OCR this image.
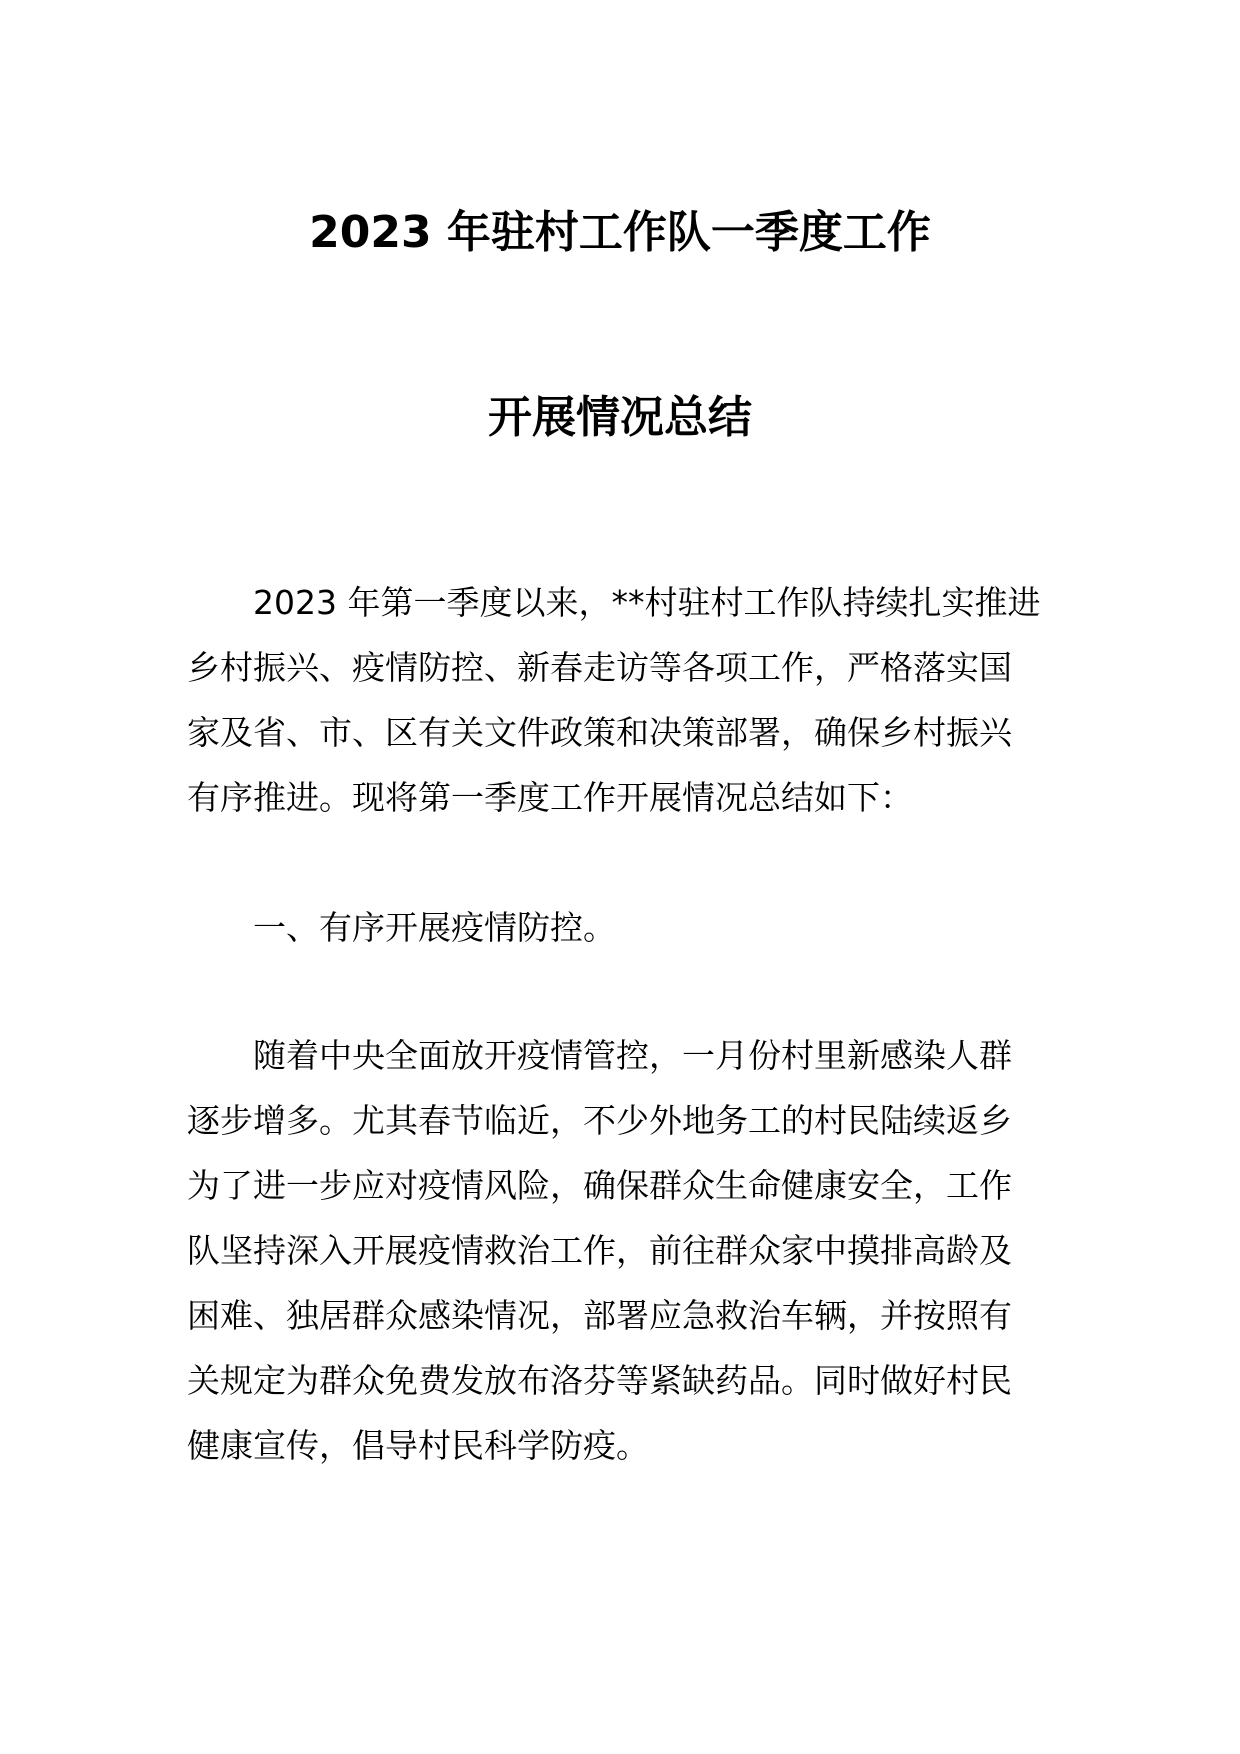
2023 年驻村工作队一季度工作
开展情况总结
2023 年第一季度以来，**村驻村工作队持续扎实推进
乡村振兴、疫情防控、新春走访等各项工作，严格落实国
家及省、市、区有关文件政策和决策部署，确保乡村振兴
有序推进。现将第一季度工作开展情况总结如下：
一、有序开展疫情防控。
随着中央全面放开疫情管控，一月份村里新感染人群
逐步增多。尤其春节临近，不少外地务工的村民陆续返乡
为了进一步应对疫情风险，确保群众生命健康安全，工作
队坚持深入开展疫情救治工作，前往群众家中摸排高龄及
困难、独居群众感染情况，部署应急救治车辆，并按照有
关规定为群众免费发放布洛芬等紧缺药品。同时做好村民
健康宣传，倡导村民科学防疫。
